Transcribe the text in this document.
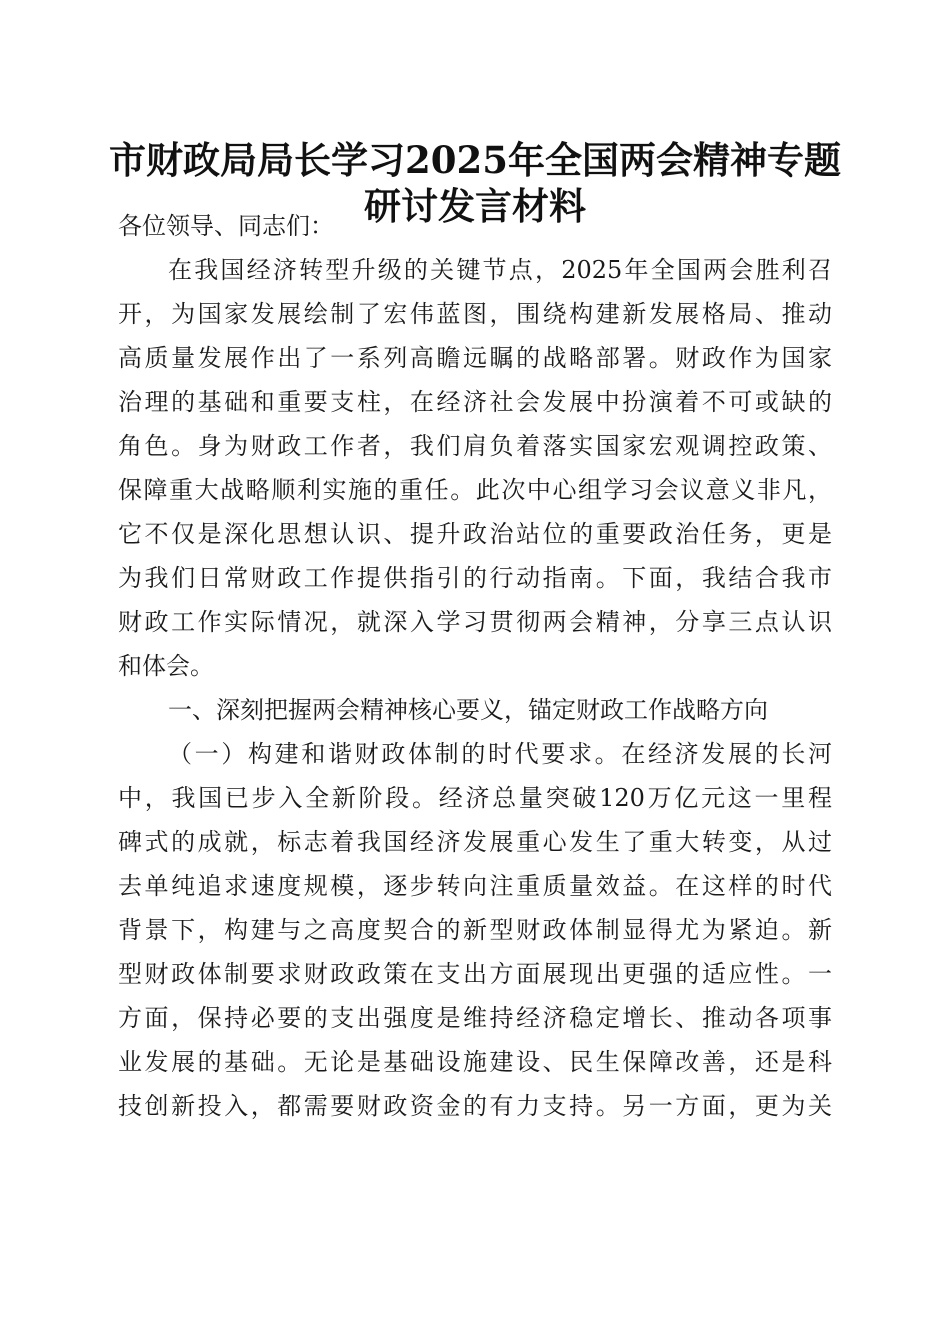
市财政局局长学习2025年全国两会精神专题
研讨发言材料
各位领导、同志们：
在我国经济转型升级的关键节点，2025年全国两会胜利召
开，为国家发展绘制了宏伟蓝图，围绕构建新发展格局、推动
高质量发展作出了一系列高瞻远瞩的战略部署。财政作为国家
治理的基础和重要支柱，在经济社会发展中扮演着不可或缺的
角色。身为财政工作者，我们肩负着落实国家宏观调控政策、
保障重大战略顺利实施的重任。此次中心组学习会议意义非凡，
它不仅是深化思想认识、提升政治站位的重要政治任务，更是
为我们日常财政工作提供指引的行动指南。下面，我结合我市
财政工作实际情况，就深入学习贯彻两会精神，分享三点认识
和体会。
一、深刻把握两会精神核心要义，锚定财政工作战略方向
（一）构建和谐财政体制的时代要求。在经济发展的长河
中，我国已步入全新阶段。经济总量突破120万亿元这一里程
碑式的成就，标志着我国经济发展重心发生了重大转变，从过
去单纯追求速度规模，逐步转向注重质量效益。在这样的时代
背景下，构建与之高度契合的新型财政体制显得尤为紧迫。新
型财政体制要求财政政策在支出方面展现出更强的适应性。一
方面，保持必要的支出强度是维持经济稳定增长、推动各项事
业发展的基础。无论是基础设施建设、民生保障改善，还是科
技创新投入，都需要财政资金的有力支持。另一方面，更为关
